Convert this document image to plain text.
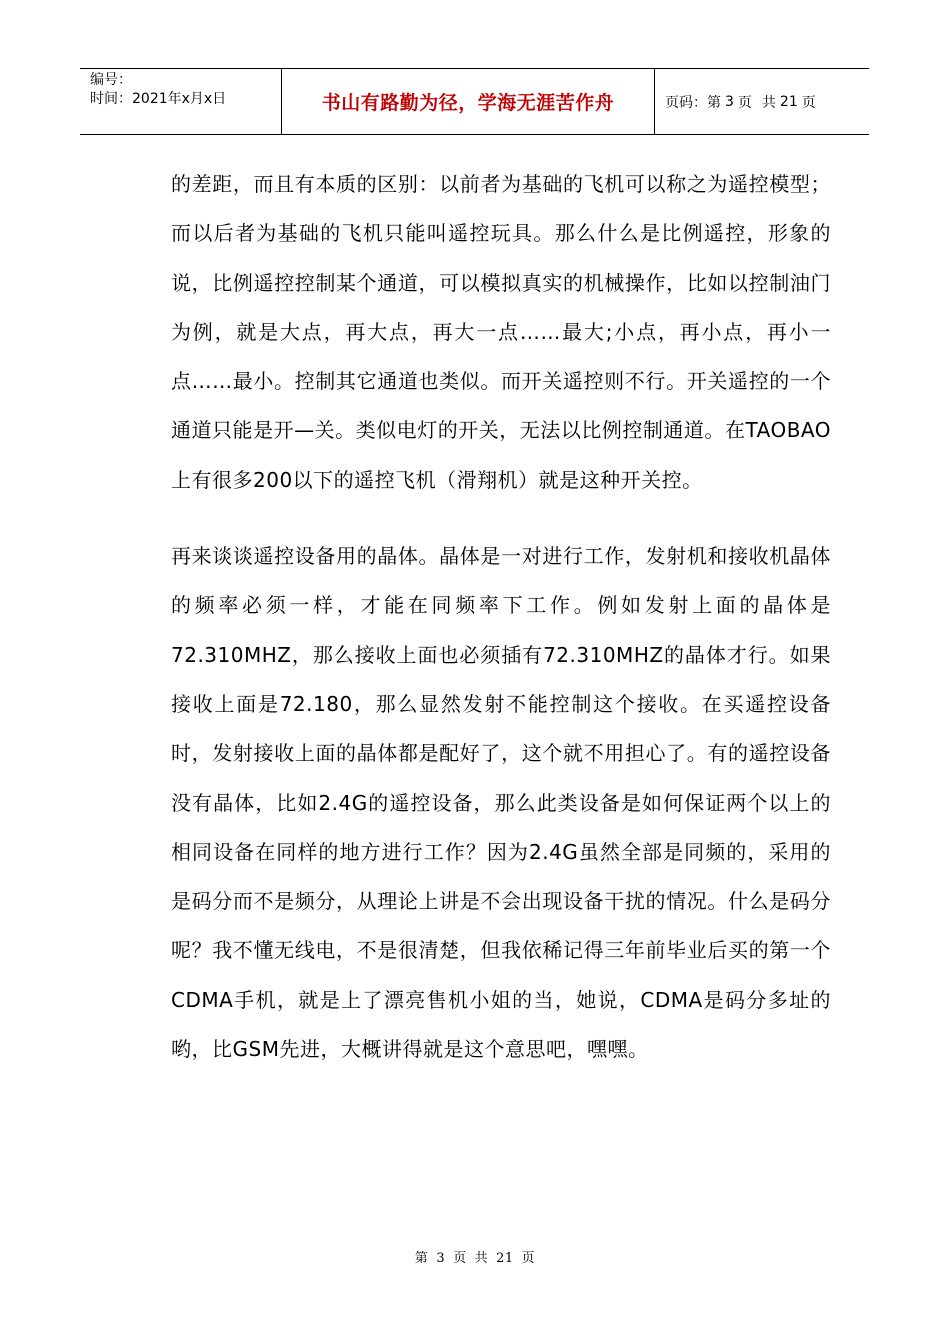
编号：
时间：2021年x月x日	书山有路勤为径，学海无涯苦作舟	页码：第 3 页 共 21 页

的差距，而且有本质的区别：以前者为基础的飞机可以称之为遥控模型；而以后者为基础的飞机只能叫遥控玩具。那么什么是比例遥控，形象的说，比例遥控控制某个通道，可以模拟真实的机械操作，比如以控制油门为例，就是大点，再大点，再大一点……最大;小点，再小点，再小一点……最小。控制其它通道也类似。而开关遥控则不行。开关遥控的一个通道只能是开—关。类似电灯的开关，无法以比例控制通道。在TAOBAO上有很多200以下的遥控飞机（滑翔机）就是这种开关控。

再来谈谈遥控设备用的晶体。晶体是一对进行工作，发射机和接收机晶体的频率必须一样，才能在同频率下工作。例如发射上面的晶体是72.310MHZ，那么接收上面也必须插有72.310MHZ的晶体才行。如果接收上面是72.180，那么显然发射不能控制这个接收。在买遥控设备时，发射接收上面的晶体都是配好了，这个就不用担心了。有的遥控设备没有晶体，比如2.4G的遥控设备，那么此类设备是如何保证两个以上的相同设备在同样的地方进行工作？因为2.4G虽然全部是同频的，采用的是码分而不是频分，从理论上讲是不会出现设备干扰的情况。什么是码分呢？我不懂无线电，不是很清楚，但我依稀记得三年前毕业后买的第一个CDMA手机，就是上了漂亮售机小姐的当，她说，CDMA是码分多址的哟，比GSM先进，大概讲得就是这个意思吧，嘿嘿。

第 3 页 共 21 页
